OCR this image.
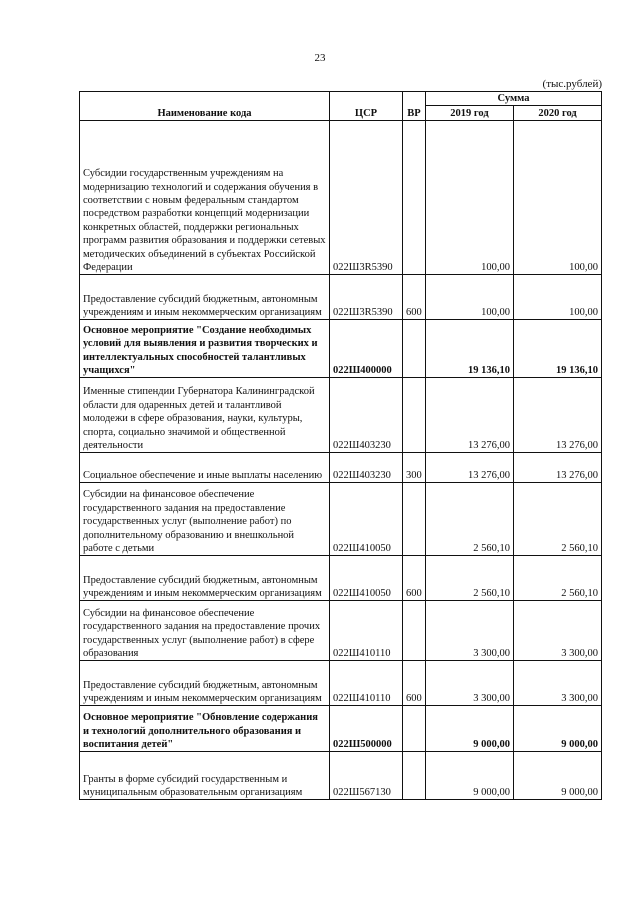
23
(тыс.рублей)
Наименование кода	ЦСР	ВР	Сумма	
			2019 год	2020 год
Субсидии государственным учреждениям на модернизацию технологий и содержания обучения в соответствии с новым федеральным стандартом посредством разработки концепций модернизации конкретных областей, поддержки региональных программ развития образования и поддержки сетевых методических объединений в субъектах Российской Федерации	022Ш3R5390		100,00	100,00
Предоставление субсидий бюджетным, автономным учреждениям и иным некоммерческим организациям	022Ш3R5390	600	100,00	100,00
Основное мероприятие "Создание необходимых условий для выявления и развития творческих и интеллектуальных способностей талантливых учащихся"	022Ш400000		19 136,10	19 136,10
Именные стипендии Губернатора Калининградской области для одаренных детей и талантливой молодежи в сфере образования, науки, культуры, спорта, социально значимой и общественной деятельности	022Ш403230		13 276,00	13 276,00
Социальное обеспечение и иные выплаты населению	022Ш403230	300	13 276,00	13 276,00
Субсидии на финансовое обеспечение государственного задания на предоставление государственных услуг (выполнение работ) по дополнительному образованию и внешкольной работе с детьми	022Ш410050		2 560,10	2 560,10
Предоставление субсидий бюджетным, автономным учреждениям и иным некоммерческим организациям	022Ш410050	600	2 560,10	2 560,10
Субсидии на финансовое обеспечение государственного задания на предоставление прочих государственных услуг (выполнение работ) в сфере образования	022Ш410110		3 300,00	3 300,00
Предоставление субсидий бюджетным, автономным учреждениям и иным некоммерческим организациям	022Ш410110	600	3 300,00	3 300,00
Основное мероприятие "Обновление содержания и технологий дополнительного образования и воспитания детей"	022Ш500000		9 000,00	9 000,00
Гранты в форме субсидий государственным и муниципальным образовательным организациям	022Ш567130		9 000,00	9 000,00
